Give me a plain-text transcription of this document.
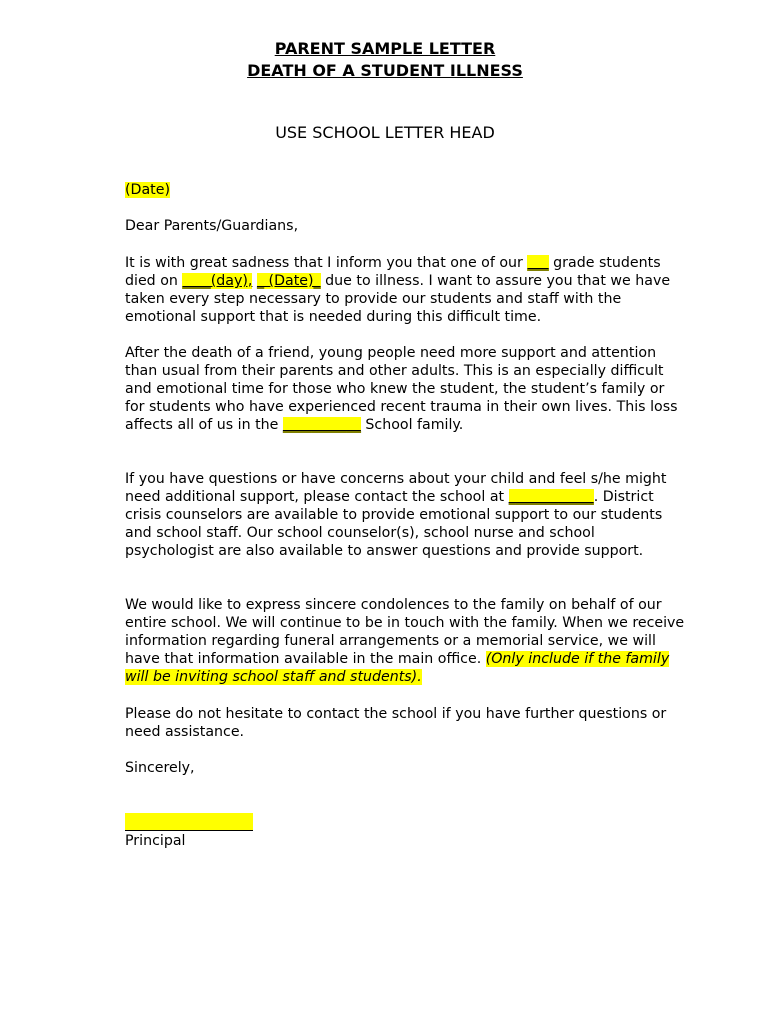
PARENT SAMPLE LETTER
DEATH OF A STUDENT ILLNESS
USE SCHOOL LETTER HEAD

(Date)

Dear Parents/Guardians,

It is with great sadness that I inform you that one of our ___ grade students died on ____(day), _ (Date)_ due to illness. I want to assure you that we have taken every step necessary to provide our students and staff with the emotional support that is needed during this difficult time.

After the death of a friend, young people need more support and attention than usual from their parents and other adults. This is an especially difficult and emotional time for those who knew the student, the student’s family or for students who have experienced recent trauma in their own lives. This loss affects all of us in the ___________ School family.

If you have questions or have concerns about your child and feel s/he might need additional support, please contact the school at ____________. District crisis counselors are available to provide emotional support to our students and school staff. Our school counselor(s), school nurse and school psychologist are also available to answer questions and provide support.

We would like to express sincere condolences to the family on behalf of our entire school. We will continue to be in touch with the family. When we receive information regarding funeral arrangements or a memorial service, we will have that information available in the main office. (Only include if the family will be inviting school staff and students).

Please do not hesitate to contact the school if you have further questions or need assistance.

Sincerely,

Principal
